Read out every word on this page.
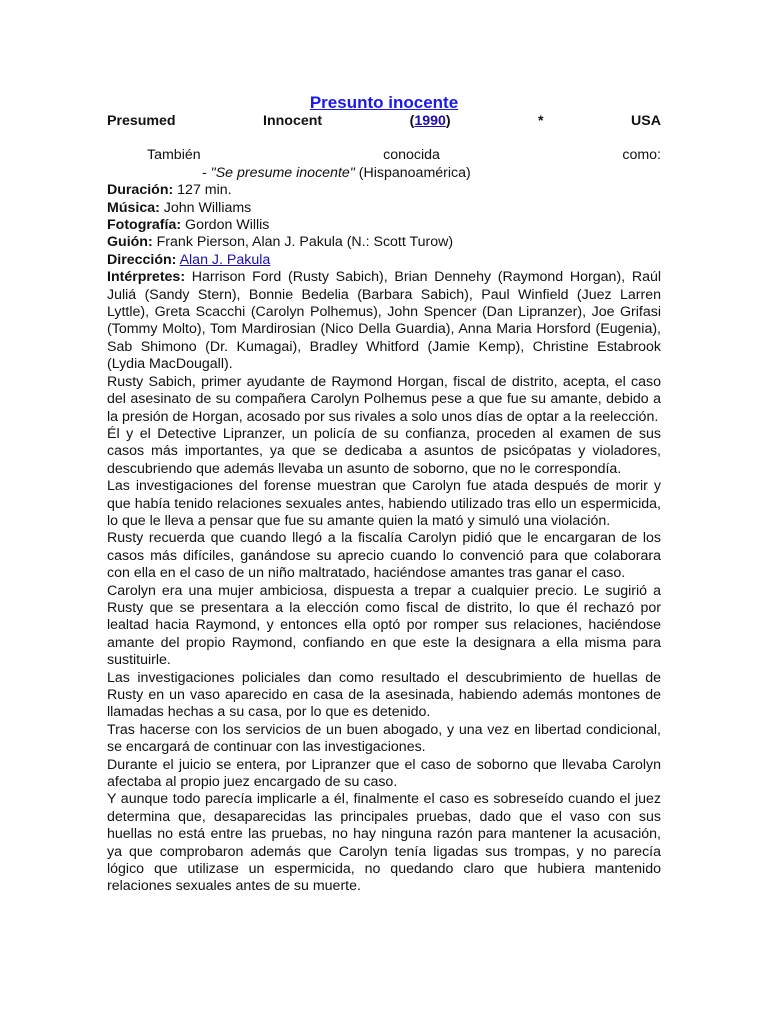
Presunto inocente
Presumed	Innocent	(1990)	*	USA
También	conocida	como:
- "Se presume inocente" (Hispanoamérica)

Duración: 127 min.

Música: John Williams

Fotografía: Gordon Willis

Guión: Frank Pierson, Alan J. Pakula (N.: Scott Turow)

Dirección: Alan J. Pakula

Intérpretes: Harrison Ford (Rusty Sabich), Brian Dennehy (Raymond Horgan), Raúl Juliá (Sandy Stern), Bonnie Bedelia (Barbara Sabich), Paul Winfield (Juez Larren Lyttle), Greta Scacchi (Carolyn Polhemus), John Spencer (Dan Lipranzer), Joe Grifasi (Tommy Molto), Tom Mardirosian (Nico Della Guardia), Anna Maria Horsford (Eugenia), Sab Shimono (Dr. Kumagai), Bradley Whitford (Jamie Kemp), Christine Estabrook (Lydia MacDougall).

Rusty Sabich, primer ayudante de Raymond Horgan, fiscal de distrito, acepta, el caso del asesinato de su compañera Carolyn Polhemus pese a que fue su amante, debido a la presión de Horgan, acosado por sus rivales a solo unos días de optar a la reelección.

Él y el Detective Lipranzer, un policía de su confianza, proceden al examen de sus casos más importantes, ya que se dedicaba a asuntos de psicópatas y violadores, descubriendo que además llevaba un asunto de soborno, que no le correspondía.

Las investigaciones del forense muestran que Carolyn fue atada después de morir y que había tenido relaciones sexuales antes, habiendo utilizado tras ello un espermicida, lo que le lleva a pensar que fue su amante quien la mató y simuló una violación.

Rusty recuerda que cuando llegó a la fiscalía Carolyn pidió que le encargaran de los casos más difíciles, ganándose su aprecio cuando lo convenció para que colaborara con ella en el caso de un niño maltratado, haciéndose amantes tras ganar el caso.

Carolyn era una mujer ambiciosa, dispuesta a trepar a cualquier precio. Le sugirió a Rusty que se presentara a la elección como fiscal de distrito, lo que él rechazó por lealtad hacia Raymond, y entonces ella optó por romper sus relaciones, haciéndose amante del propio Raymond, confiando en que este la designara a ella misma para sustituirle.

Las investigaciones policiales dan como resultado el descubrimiento de huellas de Rusty en un vaso aparecido en casa de la asesinada, habiendo además montones de llamadas hechas a su casa, por lo que es detenido.

Tras hacerse con los servicios de un buen abogado, y una vez en libertad condicional, se encargará de continuar con las investigaciones.

Durante el juicio se entera, por Lipranzer que el caso de soborno que llevaba Carolyn afectaba al propio juez encargado de su caso.

Y aunque todo parecía implicarle a él, finalmente el caso es sobreseído cuando el juez determina que, desaparecidas las principales pruebas, dado que el vaso con sus huellas no está entre las pruebas, no hay ninguna razón para mantener la acusación, ya que comprobaron además que Carolyn tenía ligadas sus trompas, y no parecía lógico que utilizase un espermicida, no quedando claro que hubiera mantenido relaciones sexuales antes de su muerte.
